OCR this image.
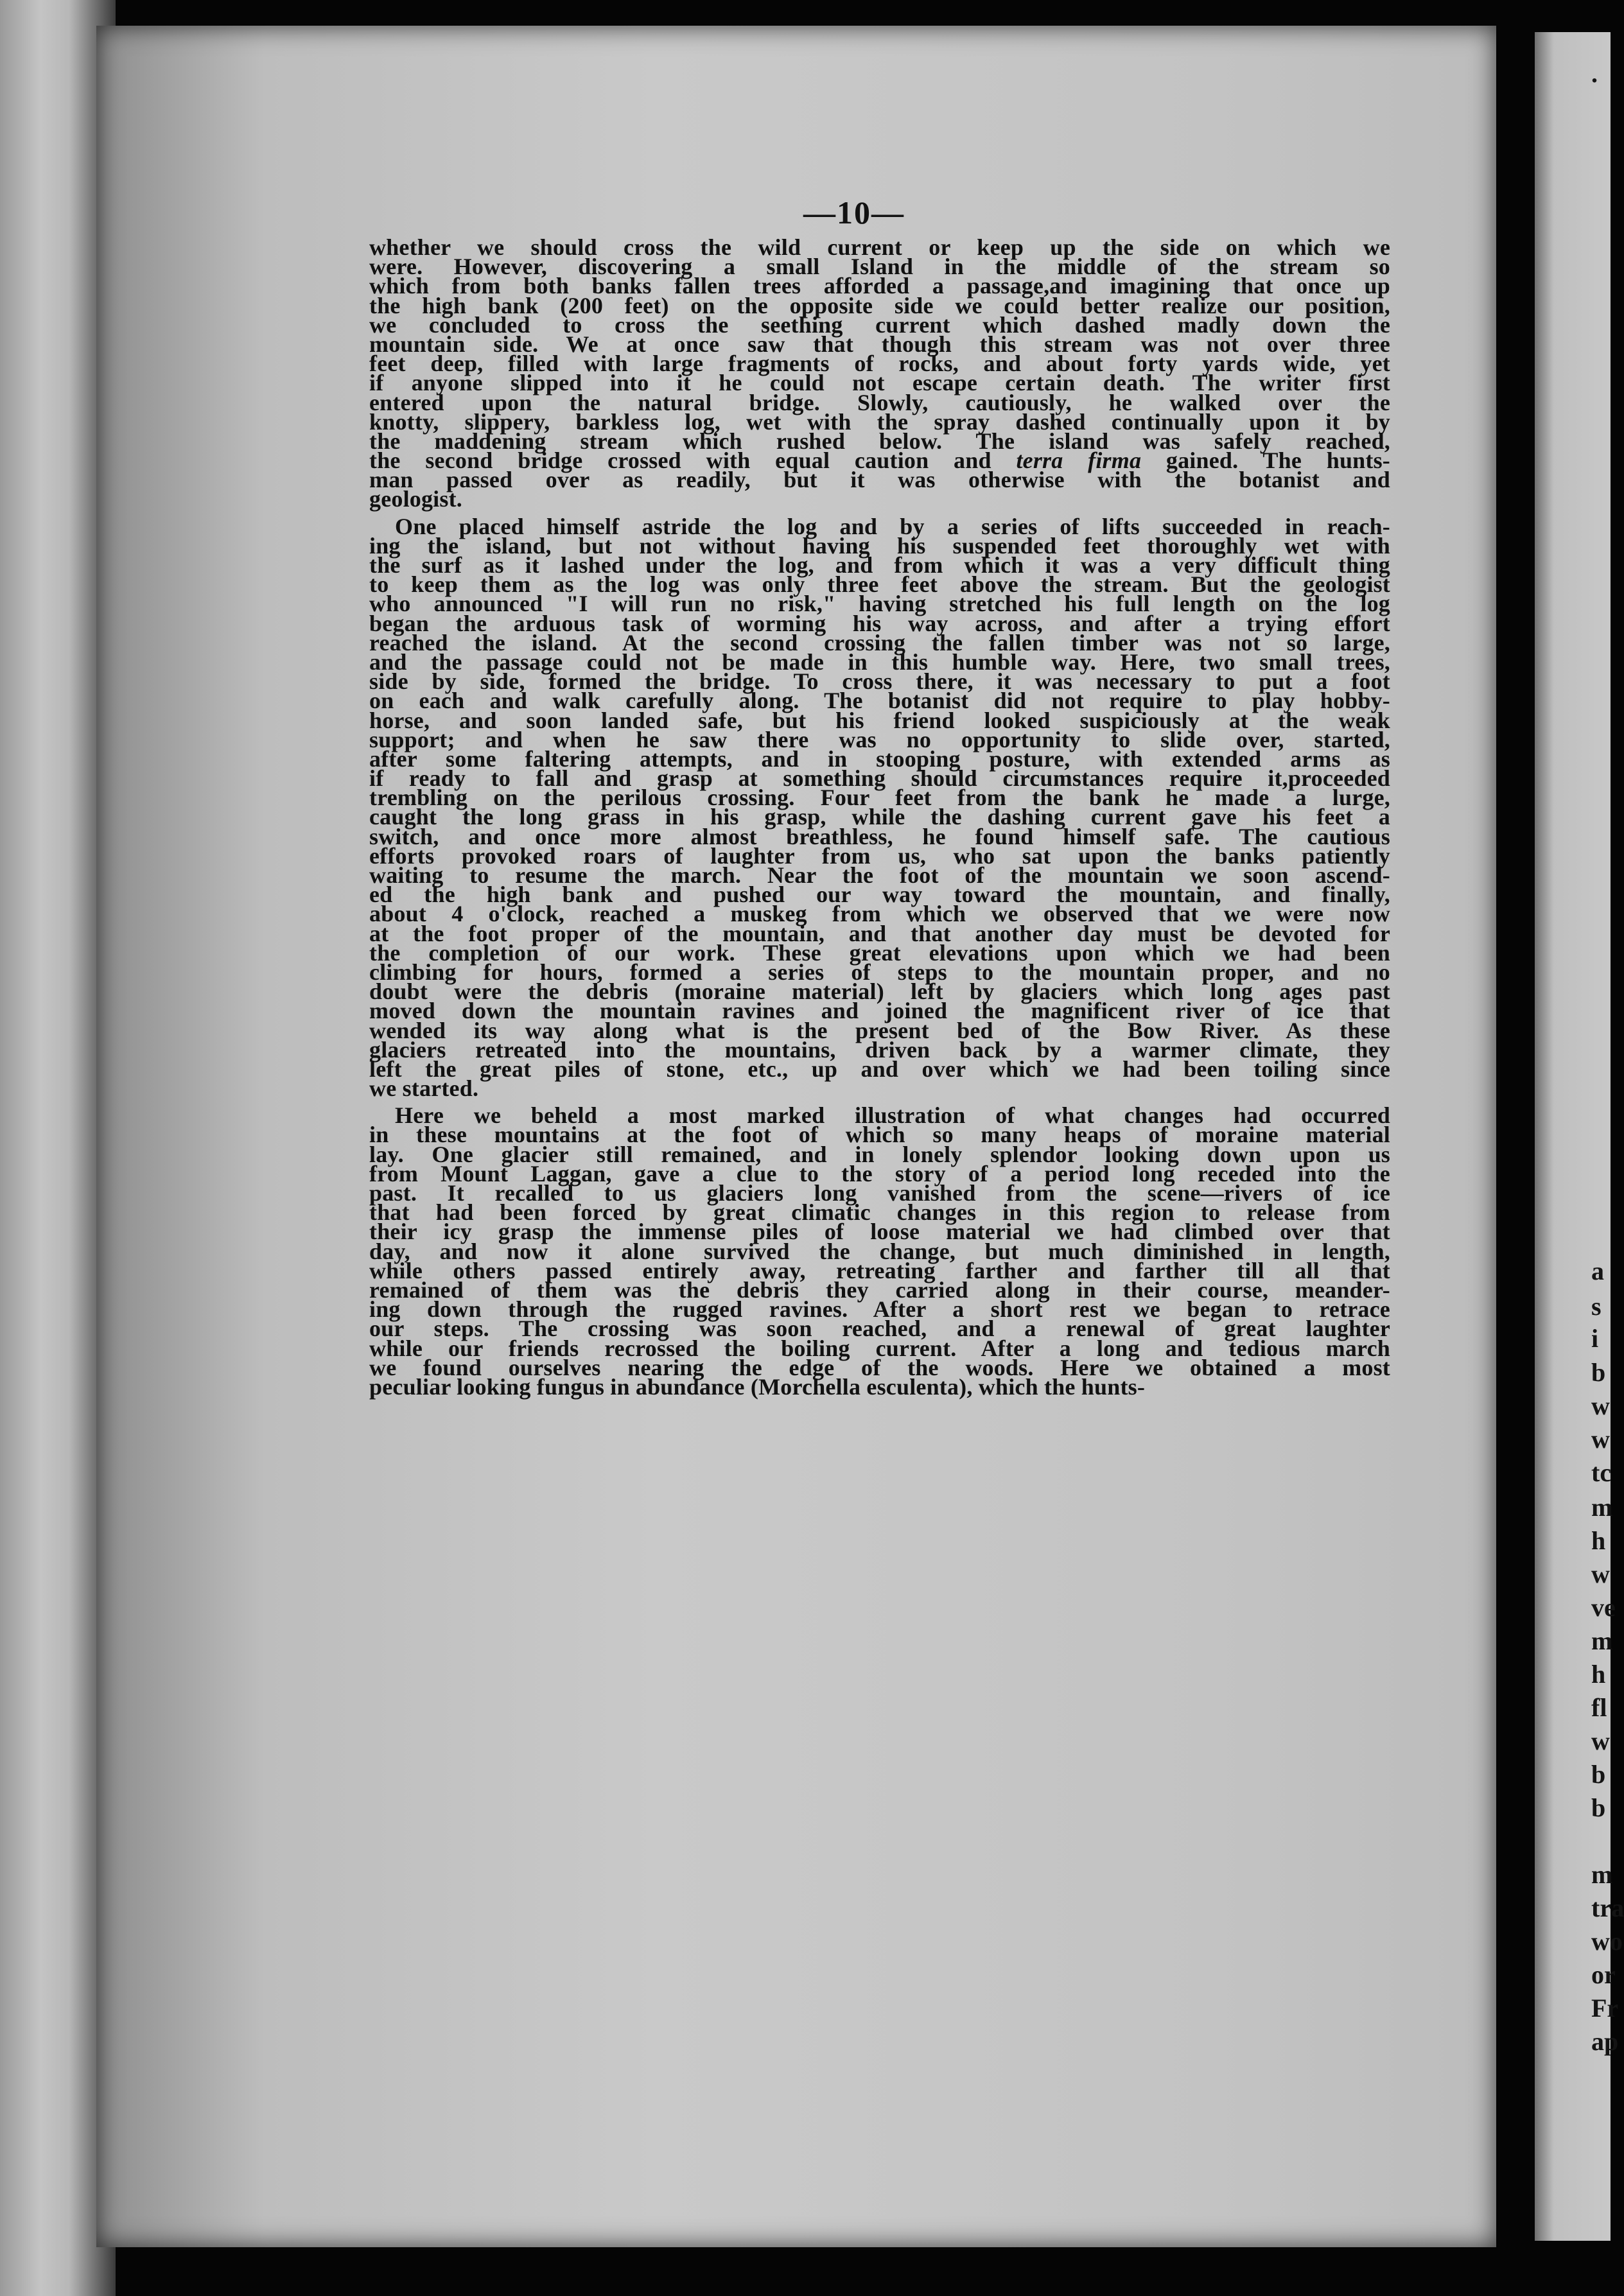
—10—
whether we should cross the wild current or keep up the side on which we
were. However, discovering a small Island in the middle of the stream so
which from both banks fallen trees afforded a passage,and imagining that once up
the high bank (200 feet) on the opposite side we could better realize our position,
we concluded to cross the seething current which dashed madly down the
mountain side. We at once saw that though this stream was not over three
feet deep, filled with large fragments of rocks, and about forty yards wide, yet
if anyone slipped into it he could not escape certain death. The writer first
entered upon the natural bridge. Slowly, cautiously, he walked over the
knotty, slippery, barkless log, wet with the spray dashed continually upon it by
the maddening stream which rushed below. The island was safely reached,
the second bridge crossed with equal caution and terra firma gained. The hunts-
man passed over as readily, but it was otherwise with the botanist and
geologist.
One placed himself astride the log and by a series of lifts succeeded in reach-
ing the island, but not without having his suspended feet thoroughly wet with
the surf as it lashed under the log, and from which it was a very difficult thing
to keep them as the log was only three feet above the stream. But the geologist
who announced "I will run no risk," having stretched his full length on the log
began the arduous task of worming his way across, and after a trying effort
reached the island. At the second crossing the fallen timber was not so large,
and the passage could not be made in this humble way. Here, two small trees,
side by side, formed the bridge. To cross there, it was necessary to put a foot
on each and walk carefully along. The botanist did not require to play hobby-
horse, and soon landed safe, but his friend looked suspiciously at the weak
support; and when he saw there was no opportunity to slide over, started,
after some faltering attempts, and in stooping posture, with extended arms as
if ready to fall and grasp at something should circumstances require it,proceeded
trembling on the perilous crossing. Four feet from the bank he made a lurge,
caught the long grass in his grasp, while the dashing current gave his feet a
switch, and once more almost breathless, he found himself safe. The cautious
efforts provoked roars of laughter from us, who sat upon the banks patiently
waiting to resume the march. Near the foot of the mountain we soon ascend-
ed the high bank and pushed our way toward the mountain, and finally,
about 4 o'clock, reached a muskeg from which we observed that we were now
at the foot proper of the mountain, and that another day must be devoted for
the completion of our work. These great elevations upon which we had been
climbing for hours, formed a series of steps to the mountain proper, and no
doubt were the debris (moraine material) left by glaciers which long ages past
moved down the mountain ravines and joined the magnificent river of ice that
wended its way along what is the present bed of the Bow River. As these
glaciers retreated into the mountains, driven back by a warmer climate, they
left the great piles of stone, etc., up and over which we had been toiling since
we started.
Here we beheld a most marked illustration of what changes had occurred
in these mountains at the foot of which so many heaps of moraine material
lay. One glacier still remained, and in lonely splendor looking down upon us
from Mount Laggan, gave a clue to the story of a period long receded into the
past. It recalled to us glaciers long vanished from the scene—rivers of ice
that had been forced by great climatic changes in this region to release from
their icy grasp the immense piles of loose material we had climbed over that
day, and now it alone survived the change, but much diminished in length,
while others passed entirely away, retreating farther and farther till all that
remained of them was the debris they carried along in their course, meander-
ing down through the rugged ravines. After a short rest we began to retrace
our steps. The crossing was soon reached, and a renewal of great laughter
while our friends recrossed the boiling current. After a long and tedious march
we found ourselves nearing the edge of the woods. Here we obtained a most
peculiar looking fungus in abundance (Morchella esculenta), which the hunts-
.
a
s
i
b
w
w
tc
m
h
w
ve
m
h
fl
w
b
b
m
tra
wo
or
Fr
ap
